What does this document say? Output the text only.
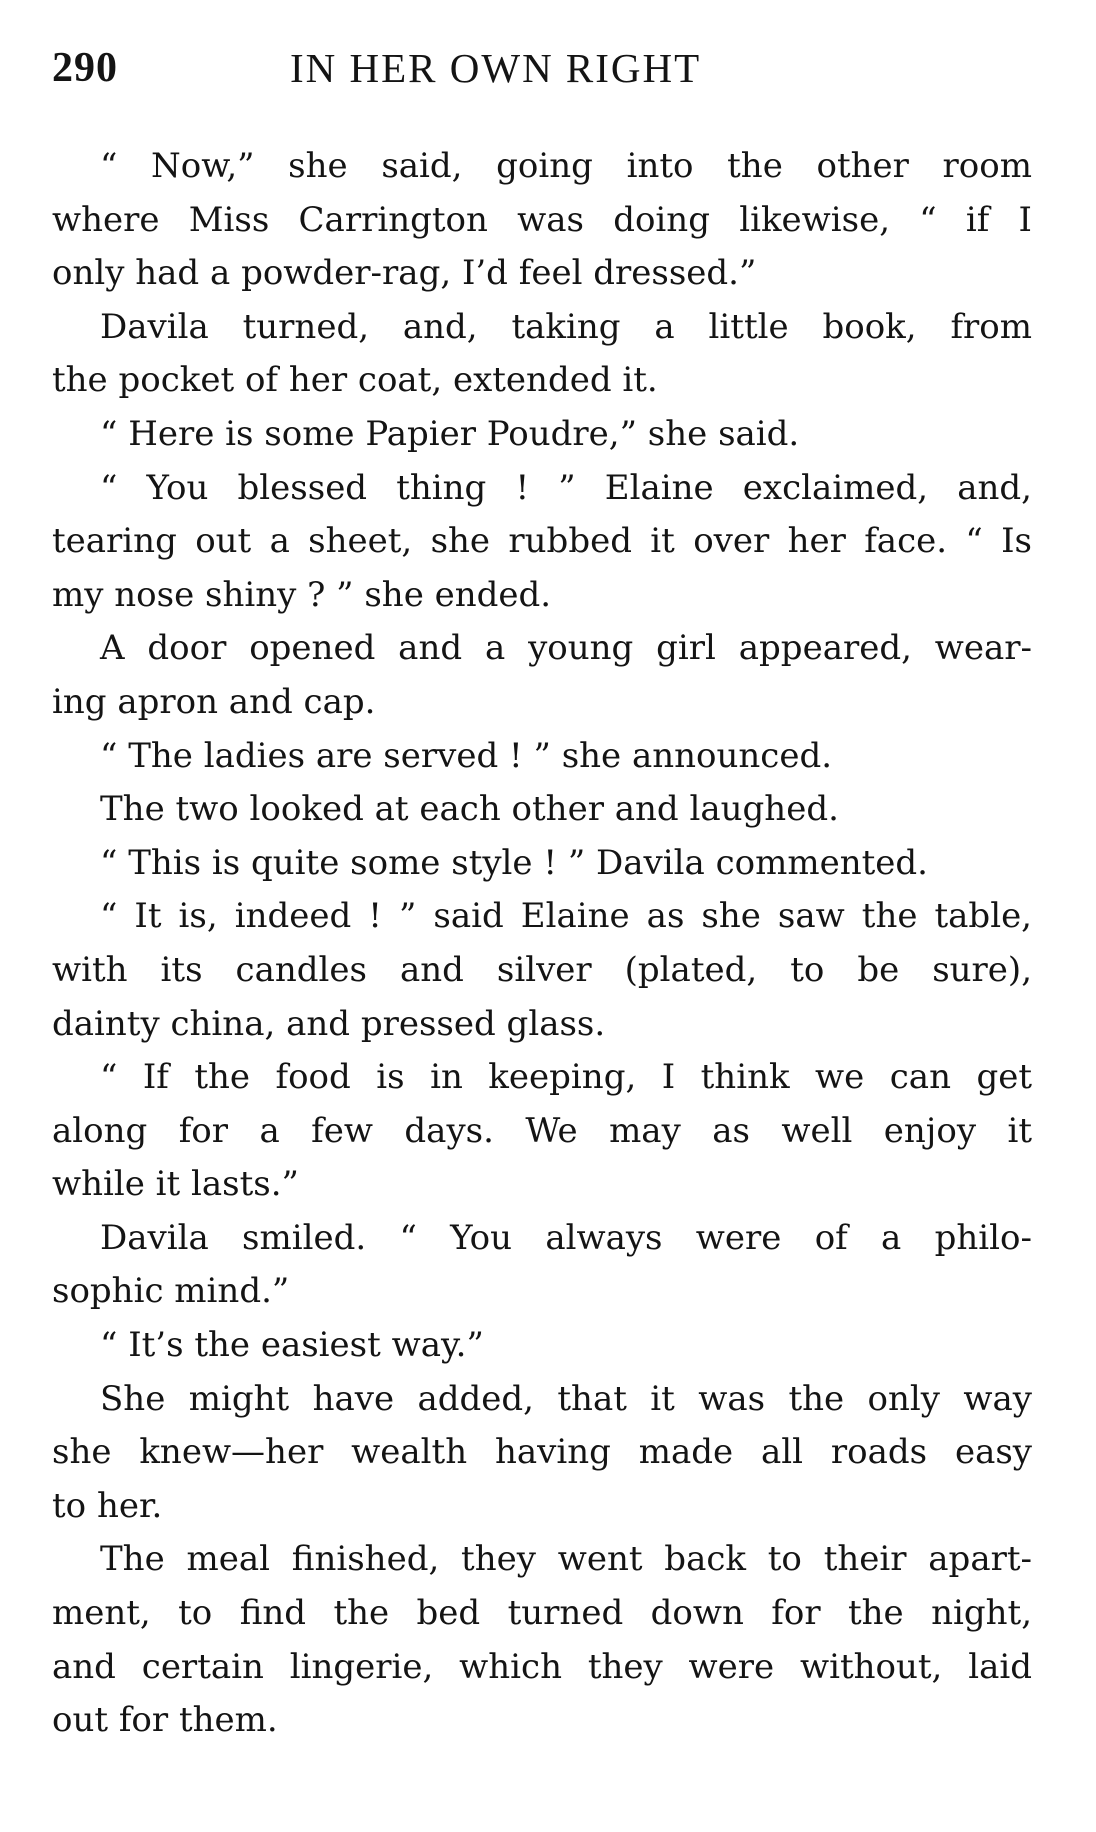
290	IN HER OWN RIGHT
“ Now,” she said, going into the other room
where Miss Carrington was doing likewise, “ if I
only had a powder-rag, I’d feel dressed.”
Davila turned, and, taking a little book, from
the pocket of her coat, extended it.
“ Here is some Papier Poudre,” she said.
“ You blessed thing ! ” Elaine exclaimed, and,
tearing out a sheet, she rubbed it over her face. “ Is
my nose shiny ? ” she ended.
A door opened and a young girl appeared, wear-
ing apron and cap.
“ The ladies are served ! ” she announced.
The two looked at each other and laughed.
“ This is quite some style ! ” Davila commented.
“ It is, indeed ! ” said Elaine as she saw the table,
with its candles and silver (plated, to be sure),
dainty china, and pressed glass.
“ If the food is in keeping, I think we can get
along for a few days. We may as well enjoy it
while it lasts.”
Davila smiled. “ You always were of a philo-
sophic mind.”
“ It’s the easiest way.”
She might have added, that it was the only way
she knew—her wealth having made all roads easy
to her.
The meal finished, they went back to their apart-
ment, to find the bed turned down for the night,
and certain lingerie, which they were without, laid
out for them.
